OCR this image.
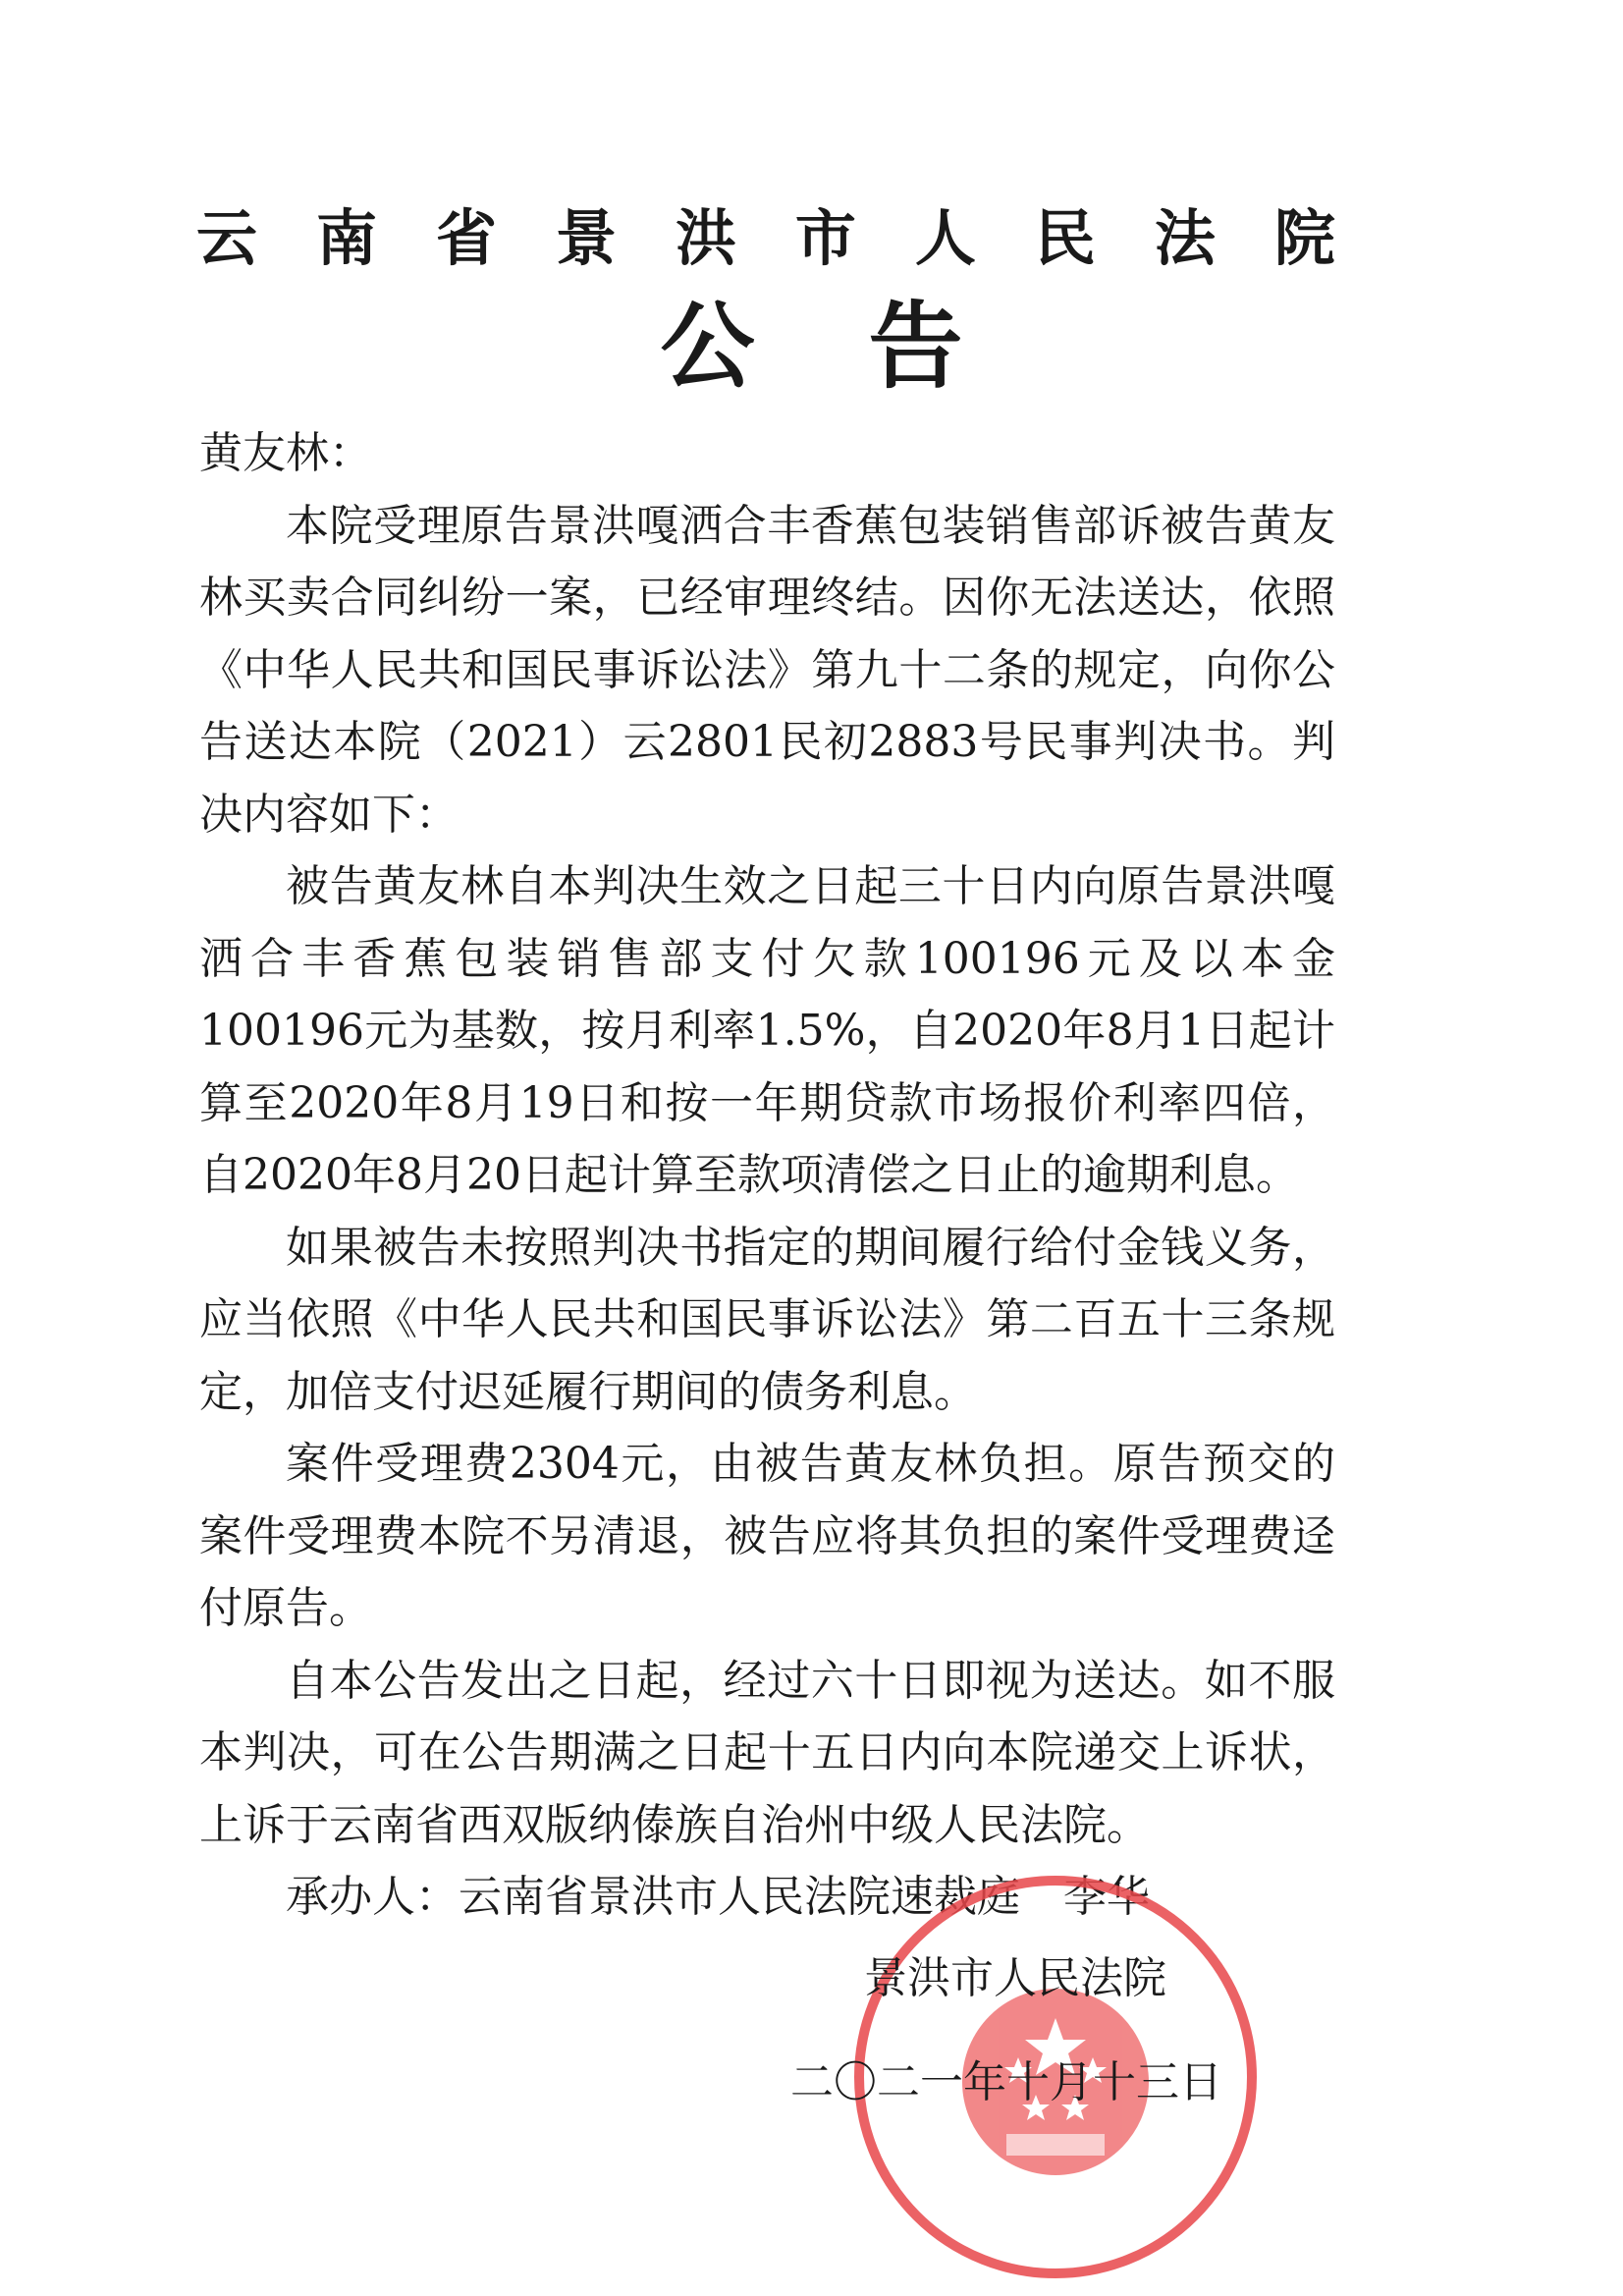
云 南 省 景 洪 市 人 民 法 院
公 告

黄友林：

本院受理原告景洪嘎洒合丰香蕉包装销售部诉被告黄友林买卖合同纠纷一案，已经审理终结。因你无法送达，依照《中华人民共和国民事诉讼法》第九十二条的规定，向你公告送达本院（2021）云2801民初2883号民事判决书。判决内容如下：

被告黄友林自本判决生效之日起三十日内向原告景洪嘎洒合丰香蕉包装销售部支付欠款100196元及以本金100196元为基数，按月利率1.5%，自2020年8月1日起计算至2020年8月19日和按一年期贷款市场报价利率四倍，自2020年8月20日起计算至款项清偿之日止的逾期利息。

如果被告未按照判决书指定的期间履行给付金钱义务，应当依照《中华人民共和国民事诉讼法》第二百五十三条规定，加倍支付迟延履行期间的债务利息。

案件受理费2304元，由被告黄友林负担。原告预交的案件受理费本院不另清退，被告应将其负担的案件受理费迳付原告。

自本公告发出之日起，经过六十日即视为送达。如不服本判决，可在公告期满之日起十五日内向本院递交上诉状，上诉于云南省西双版纳傣族自治州中级人民法院。

承办人：云南省景洪市人民法院速裁庭　李华

景洪市人民法院
二〇二一年十月十三日
